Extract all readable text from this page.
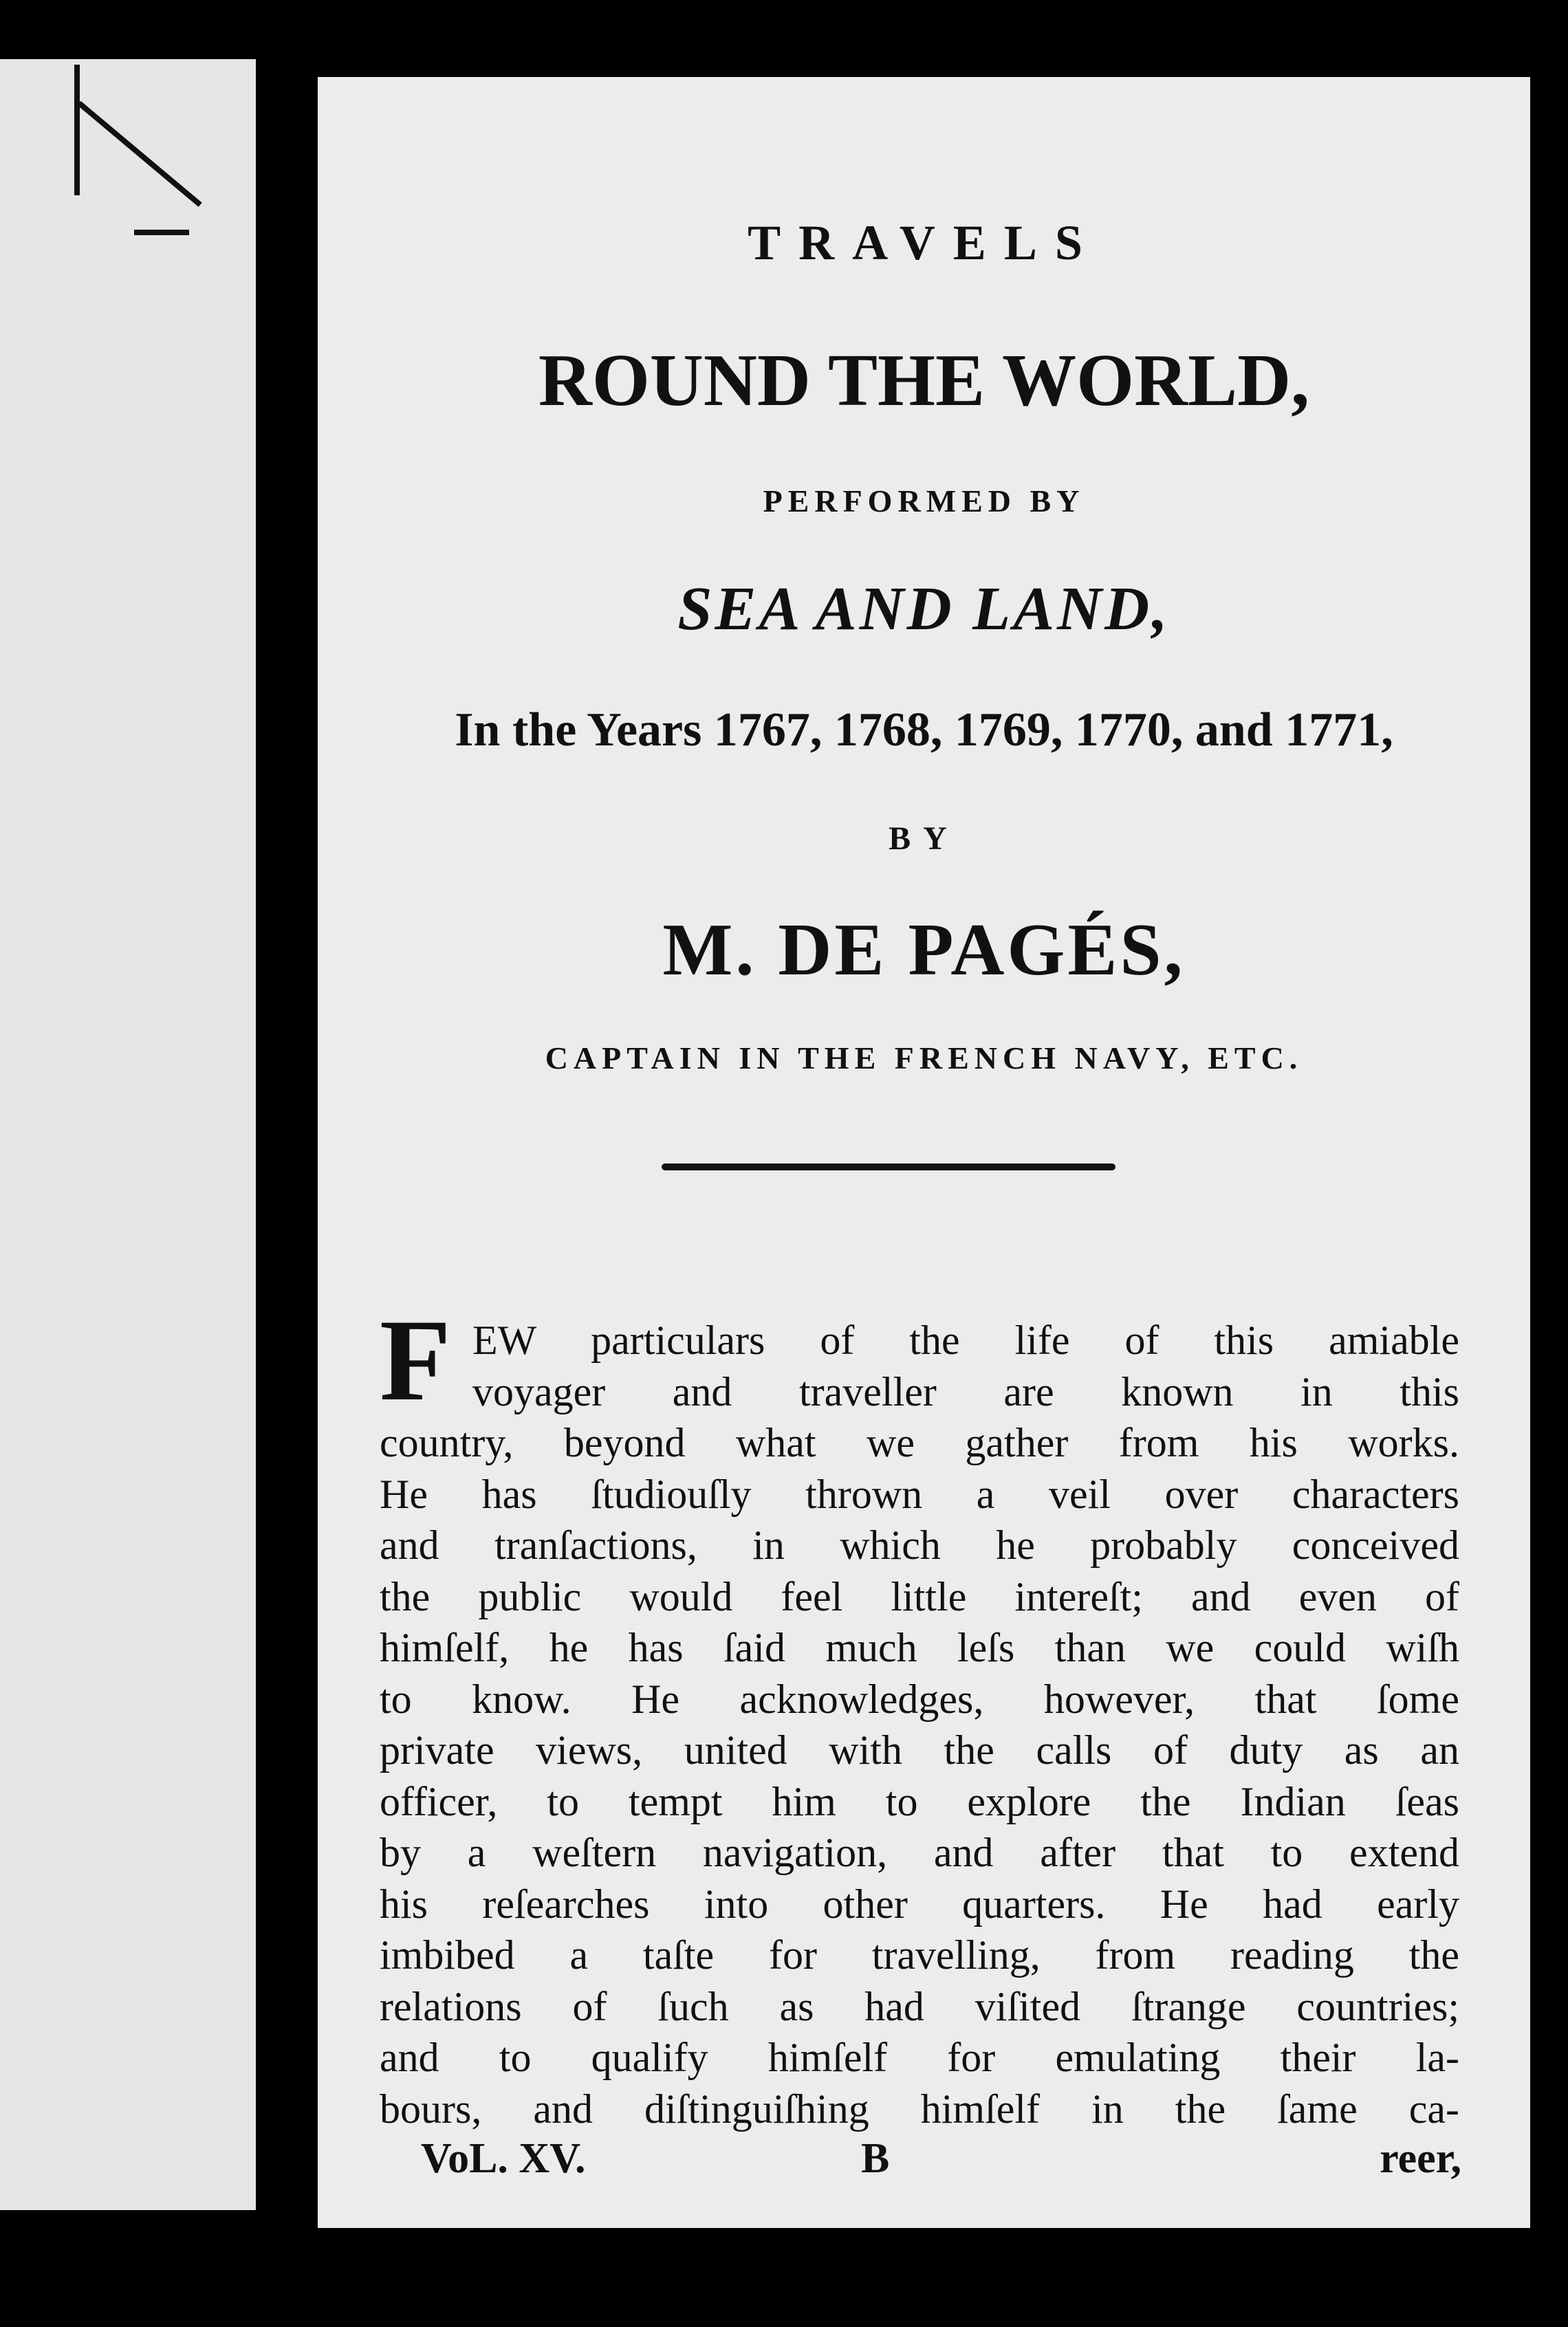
TRAVELS
ROUND THE WORLD,
PERFORMED BY
SEA AND LAND,
In the Years 1767, 1768, 1769, 1770, and 1771,
BY
M. DE PAGÉS,
CAPTAIN IN THE FRENCH NAVY, ETC.
F EW particulars of the life of this amiable
voyager and traveller are known in this
country, beyond what we gather from his works.
He has ſtudiouſly thrown a veil over characters
and tranſactions, in which he probably conceived
the public would feel little intereſt; and even of
himſelf, he has ſaid much leſs than we could wiſh
to know. He acknowledges, however, that ſome
private views, united with the calls of duty as an
officer, to tempt him to explore the Indian ſeas
by a weſtern navigation, and after that to extend
his reſearches into other quarters. He had early
imbibed a taſte for travelling, from reading the
relations of ſuch as had viſited ſtrange countries;
and to qualify himſelf for emulating their la-
bours, and diſtinguiſhing himſelf in the ſame ca-
VoL. XV.	B	reer,
